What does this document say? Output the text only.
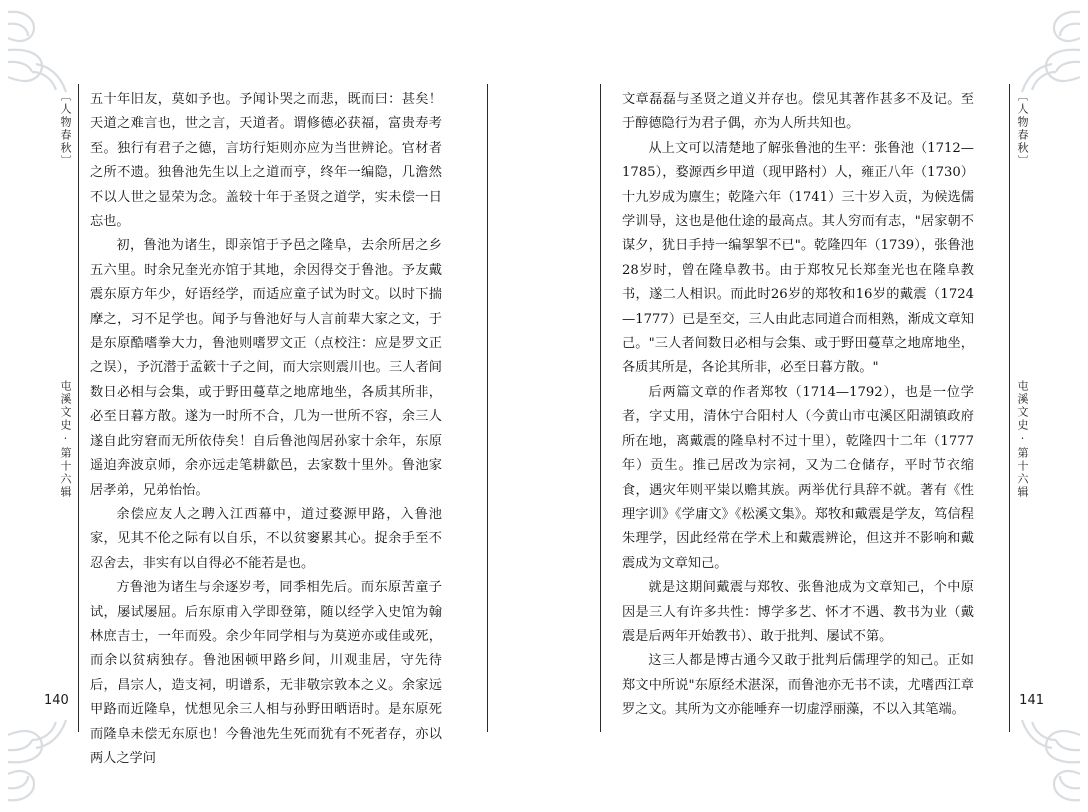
〔人物春秋〕
屯溪文史·第十六辑
140

五十年旧友，莫如予也。予闻讣哭之而悲，既而曰：甚矣！天道之难言也，世之言，天道者。谓修德必获福，富贵寿考至。独行有君子之德，言坊行矩则亦应为当世辨论。官材者之所不遗。独鲁池先生以上之道而亨，终年一编隐，几澹然不以人世之显荣为念。盖较十年于圣贤之道学，实未偿一日忘也。

初，鲁池为诸生，即亲馆于予邑之隆阜，去余所居之乡五六里。时余兄奎光亦馆于其地，余因得交于鲁池。予友戴震东原方年少，好语经学，而适应童子试为时文。以时下揣摩之，习不足学也。闻予与鲁池好与人言前辈大家之文，于是东原酷嗜拳大力，鲁池则嗜罗文正（点校注：应是罗文正之误），予沉潜于孟簌十子之间，而大宗则震川也。三人者间数日必相与会集，或于野田蔓草之地席地坐，各质其所非，必至日暮方散。遂为一时所不合，几为一世所不容，余三人遂自此穷窘而无所依侍矣！自后鲁池闯居孙家十余年，东原遥迫奔波京师，余亦远走笔耕歙邑，去家数十里外。鲁池家居孝弟，兄弟怡怡。

余偿应友人之聘入江西幕中，道过婺源甲路，入鲁池家，见其不伦之际有以自乐，不以贫窭累其心。捉余手至不忍舍去，非实有以自得必不能若是也。

方鲁池为诸生与余逐岁考，同季相先后。而东原苦童子试，屡试屡屈。后东原甫入学即登第，随以经学入史馆为翰林庶吉士，一年而殁。余少年同学相与为莫逆亦或佳或死，而余以贫病独存。鲁池困顿甲路乡间，川观韭居，守先待后，昌宗人，造支祠，明谱系，无非敬宗敦本之义。余家远甲路而近隆阜，忧想见余三人相与孙野田晒语时。是东原死而隆阜未偿无东原也！今鲁池先生死而犹有不死者存，亦以两人之学问

〔人物春秋〕
屯溪文史·第十六辑
141

文章磊磊与圣贤之道义并存也。偿见其著作甚多不及记。至于醇德隐行为君子偶，亦为人所共知也。

从上文可以清楚地了解张鲁池的生平：张鲁池（1712—1785），婺源西乡甲道（现甲路村）人，雍正八年（1730）十九岁成为廪生；乾隆六年（1741）三十岁入贡，为候选儒学训导，这也是他仕途的最高点。其人穷而有志，"居家朝不谋夕，犹日手持一编挐挐不已"。乾隆四年（1739），张鲁池28岁时，曾在隆阜教书。由于郑牧兄长郑奎光也在隆阜教书，遂二人相识。而此时26岁的郑牧和16岁的戴震（1724—1777）已是至交，三人由此志同道合而相熟，渐成文章知己。"三人者间数日必相与会集、或于野田蔓草之地席地坐，各质其所是，各论其所非，必至日暮方散。"

后两篇文章的作者郑牧（1714—1792），也是一位学者，字丈用，清休宁合阳村人（今黄山市屯溪区阳湖镇政府所在地，离戴震的隆阜村不过十里），乾隆四十二年（1777年）贡生。推己居改为宗祠，又为二仓储存，平时节衣缩食，遇灾年则平粜以赡其族。两举优行具辞不就。著有《性理字训》《学庸文》《松溪文集》。郑牧和戴震是学友，笃信程朱理学，因此经常在学术上和戴震辨论，但这并不影响和戴震成为文章知己。

就是这期间戴震与郑牧、张鲁池成为文章知己，个中原因是三人有许多共性：博学多艺、怀才不遇、教书为业（戴震是后两年开始教书）、敢于批判、屡试不第。

这三人都是博古通今又敢于批判后儒理学的知己。正如郑文中所说"东原经术湛深，而鲁池亦无书不读，尤嗜西江章罗之文。其所为文亦能唾弃一切虚浮丽藻，不以入其笔端。
